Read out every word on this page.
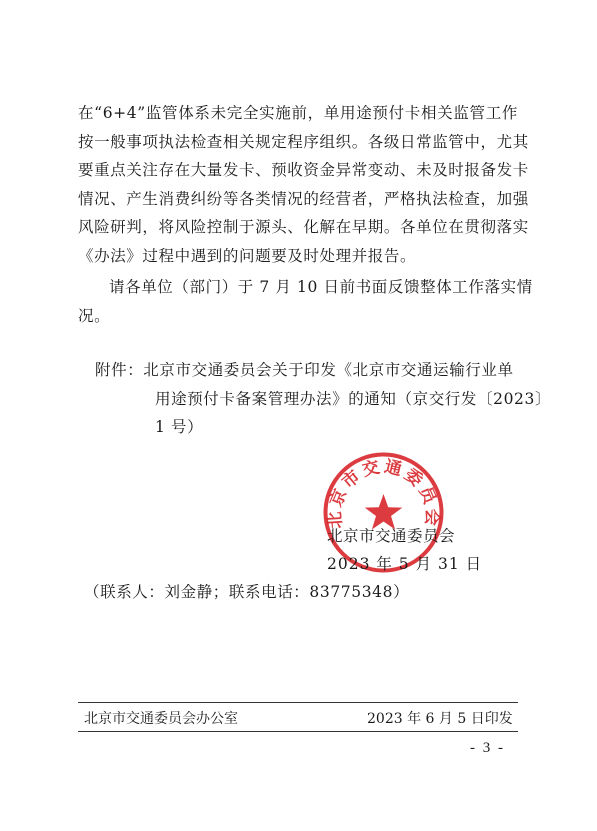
在“6+4”监管体系未完全实施前，单用途预付卡相关监管工作
按一般事项执法检查相关规定程序组织。各级日常监管中，尤其
要重点关注存在大量发卡、预收资金异常变动、未及时报备发卡
情况、产生消费纠纷等各类情况的经营者，严格执法检查，加强
风险研判，将风险控制于源头、化解在早期。各单位在贯彻落实
《办法》过程中遇到的问题要及时处理并报告。
请各单位（部门）于 7 月 10 日前书面反馈整体工作落实情
况。
附件：北京市交通委员会关于印发《北京市交通运输行业单
用途预付卡备案管理办法》的通知（京交行发〔2023〕
1 号）
北京市交通委员会
北京市交通委员会
2023 年 5 月 31 日
（联系人：刘金静；联系电话：83775348）
北京市交通委员会办公室	2023 年 6 月 5 日印发
- 3 -
